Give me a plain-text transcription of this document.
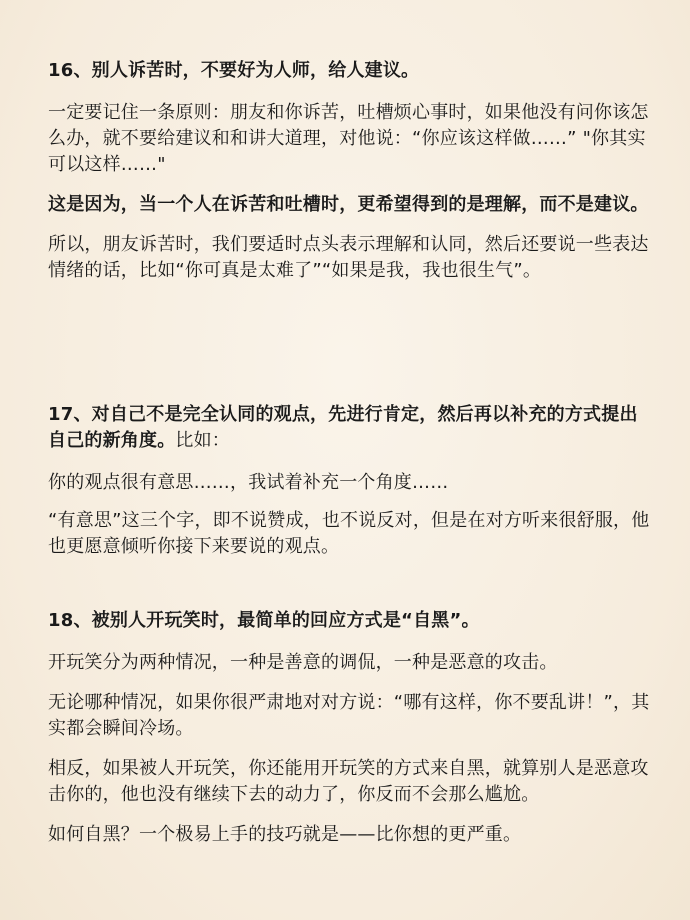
16、别人诉苦时，不要好为人师，给人建议。

一定要记住一条原则：朋友和你诉苦，吐槽烦心事时，如果他没有问你该怎么办，就不要给建议和和讲大道理，对他说：“你应该这样做……” "你其实可以这样……"

这是因为，当一个人在诉苦和吐槽时，更希望得到的是理解，而不是建议。

所以，朋友诉苦时，我们要适时点头表示理解和认同，然后还要说一些表达情绪的话，比如“你可真是太难了”“如果是我，我也很生气”。

17、对自己不是完全认同的观点，先进行肯定，然后再以补充的方式提出自己的新角度。比如：

你的观点很有意思……，我试着补充一个角度……

“有意思”这三个字，即不说赞成，也不说反对，但是在对方听来很舒服，他也更愿意倾听你接下来要说的观点。

18、被别人开玩笑时，最简单的回应方式是“自黑”。

开玩笑分为两种情况，一种是善意的调侃，一种是恶意的攻击。

无论哪种情况，如果你很严肃地对对方说：“哪有这样，你不要乱讲！”，其实都会瞬间冷场。

相反，如果被人开玩笑，你还能用开玩笑的方式来自黑，就算别人是恶意攻击你的，他也没有继续下去的动力了，你反而不会那么尴尬。

如何自黑？一个极易上手的技巧就是——比你想的更严重。
